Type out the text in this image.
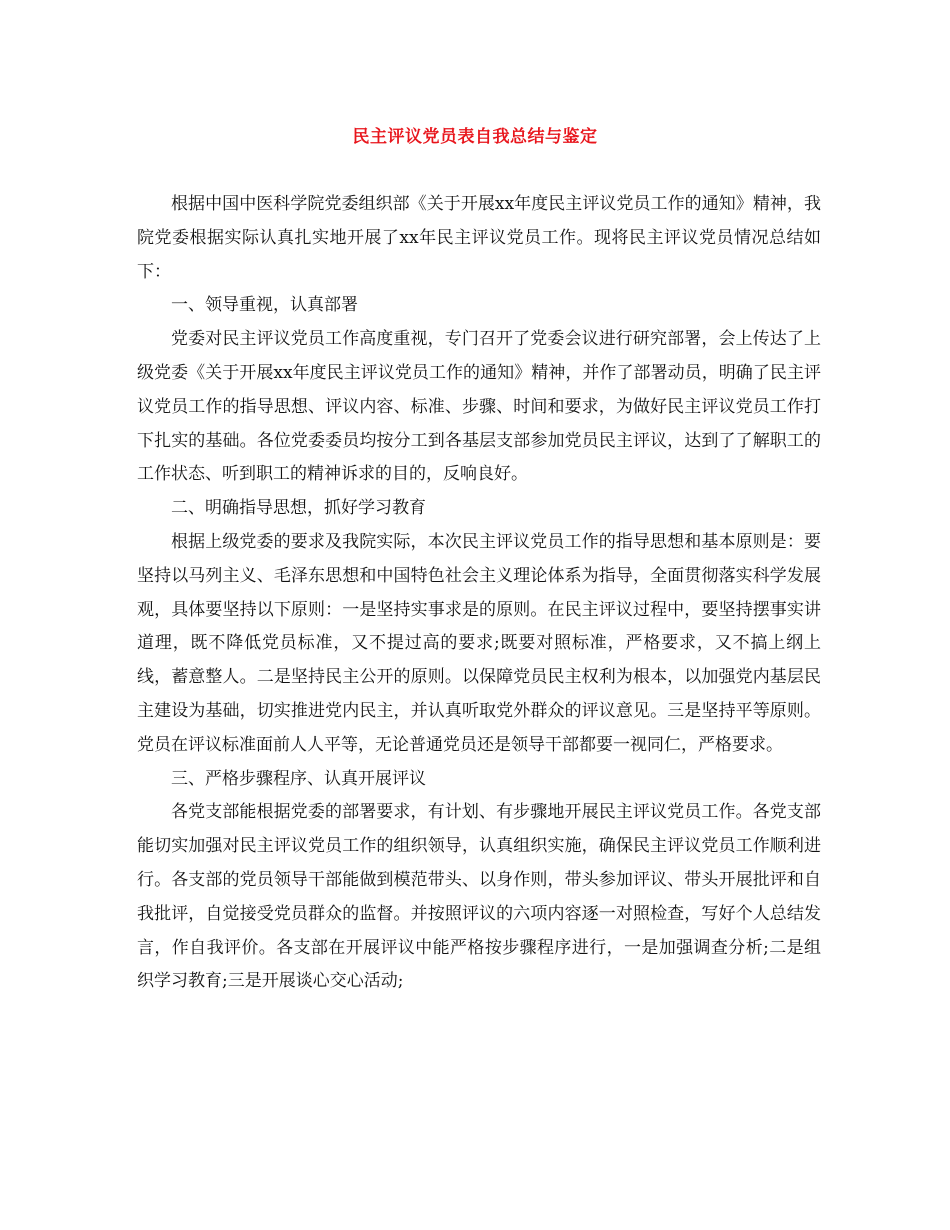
民主评议党员表自我总结与鉴定

根据中国中医科学院党委组织部《关于开展xx年度民主评议党员工作的通知》精神，我院党委根据实际认真扎实地开展了xx年民主评议党员工作。现将民主评议党员情况总结如下：

一、领导重视，认真部署

党委对民主评议党员工作高度重视，专门召开了党委会议进行研究部署，会上传达了上级党委《关于开展xx年度民主评议党员工作的通知》精神，并作了部署动员，明确了民主评议党员工作的指导思想、评议内容、标准、步骤、时间和要求，为做好民主评议党员工作打下扎实的基础。各位党委委员均按分工到各基层支部参加党员民主评议，达到了了解职工的工作状态、听到职工的精神诉求的目的，反响良好。

二、明确指导思想，抓好学习教育

根据上级党委的要求及我院实际，本次民主评议党员工作的指导思想和基本原则是：要坚持以马列主义、毛泽东思想和中国特色社会主义理论体系为指导，全面贯彻落实科学发展观，具体要坚持以下原则：一是坚持实事求是的原则。在民主评议过程中，要坚持摆事实讲道理，既不降低党员标准，又不提过高的要求;既要对照标准，严格要求，又不搞上纲上线，蓄意整人。二是坚持民主公开的原则。以保障党员民主权利为根本，以加强党内基层民主建设为基础，切实推进党内民主，并认真听取党外群众的评议意见。三是坚持平等原则。党员在评议标准面前人人平等，无论普通党员还是领导干部都要一视同仁，严格要求。

三、严格步骤程序、认真开展评议

各党支部能根据党委的部署要求，有计划、有步骤地开展民主评议党员工作。各党支部能切实加强对民主评议党员工作的组织领导，认真组织实施，确保民主评议党员工作顺利进行。各支部的党员领导干部能做到模范带头、以身作则，带头参加评议、带头开展批评和自我批评，自觉接受党员群众的监督。并按照评议的六项内容逐一对照检查，写好个人总结发言，作自我评价。各支部在开展评议中能严格按步骤程序进行，一是加强调查分析;二是组织学习教育;三是开展谈心交心活动;
